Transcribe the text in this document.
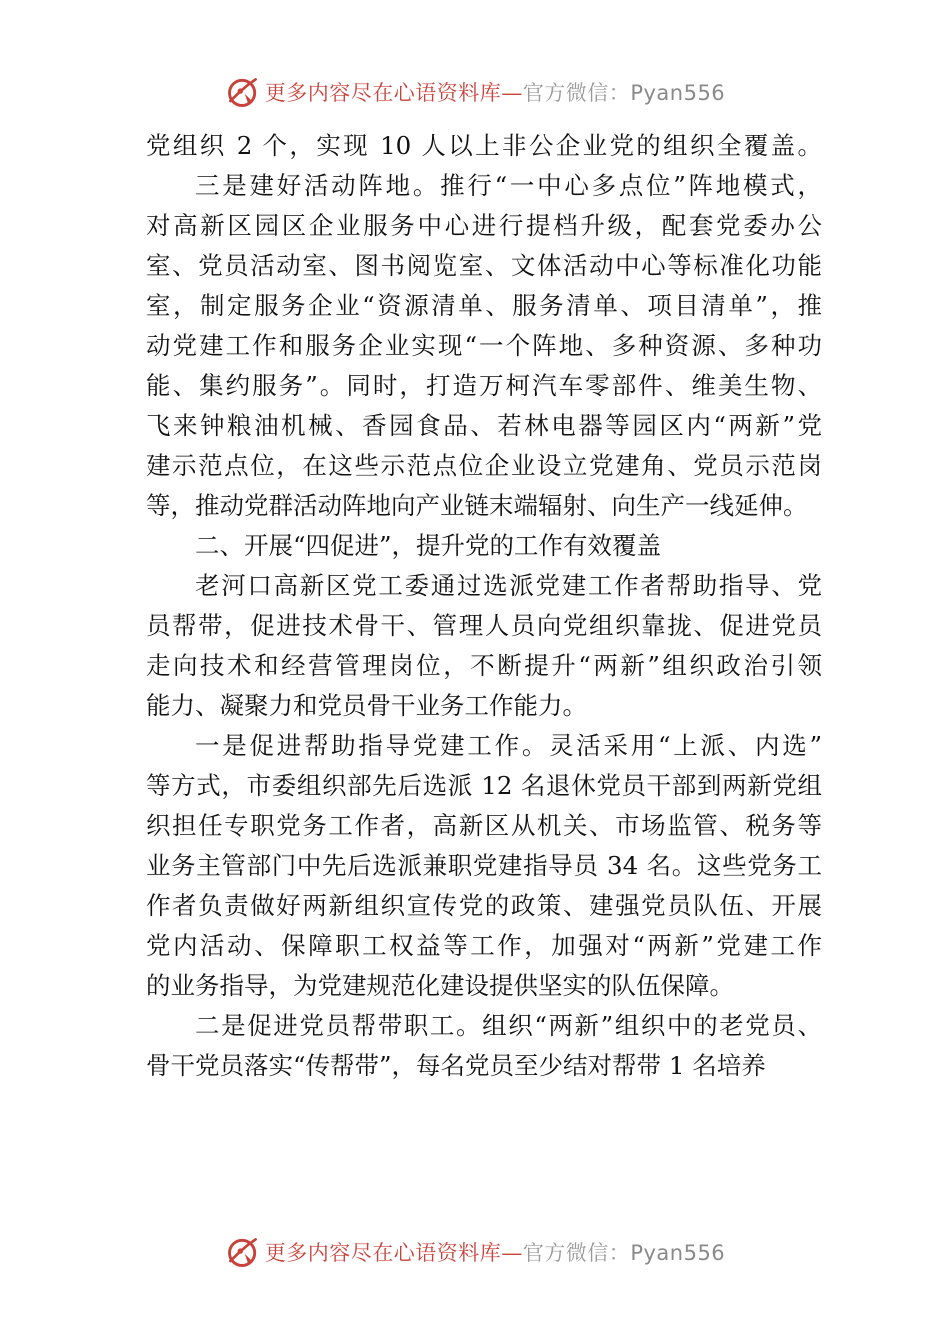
更多内容尽在心语资料库—官方微信：Pyan556
党组织 2 个，实现 10 人以上非公企业党的组织全覆盖。
三是建好活动阵地。推行“一中心多点位”阵地模式，
对高新区园区企业服务中心进行提档升级，配套党委办公
室、党员活动室、图书阅览室、文体活动中心等标准化功能
室，制定服务企业“资源清单、服务清单、项目清单”，推
动党建工作和服务企业实现“一个阵地、多种资源、多种功
能、集约服务”。同时，打造万柯汽车零部件、维美生物、
飞来钟粮油机械、香园食品、若林电器等园区内“两新”党
建示范点位，在这些示范点位企业设立党建角、党员示范岗
等，推动党群活动阵地向产业链末端辐射、向生产一线延伸。
二、开展“四促进”，提升党的工作有效覆盖
老河口高新区党工委通过选派党建工作者帮助指导、党
员帮带，促进技术骨干、管理人员向党组织靠拢、促进党员
走向技术和经营管理岗位，不断提升“两新”组织政治引领
能力、凝聚力和党员骨干业务工作能力。
一是促进帮助指导党建工作。灵活采用“上派、内选”
等方式，市委组织部先后选派 12 名退休党员干部到两新党组
织担任专职党务工作者，高新区从机关、市场监管、税务等
业务主管部门中先后选派兼职党建指导员 34 名。这些党务工
作者负责做好两新组织宣传党的政策、建强党员队伍、开展
党内活动、保障职工权益等工作，加强对“两新”党建工作
的业务指导，为党建规范化建设提供坚实的队伍保障。
二是促进党员帮带职工。组织“两新”组织中的老党员、
骨干党员落实“传帮带”，每名党员至少结对帮带 1 名培养
更多内容尽在心语资料库—官方微信：Pyan556
